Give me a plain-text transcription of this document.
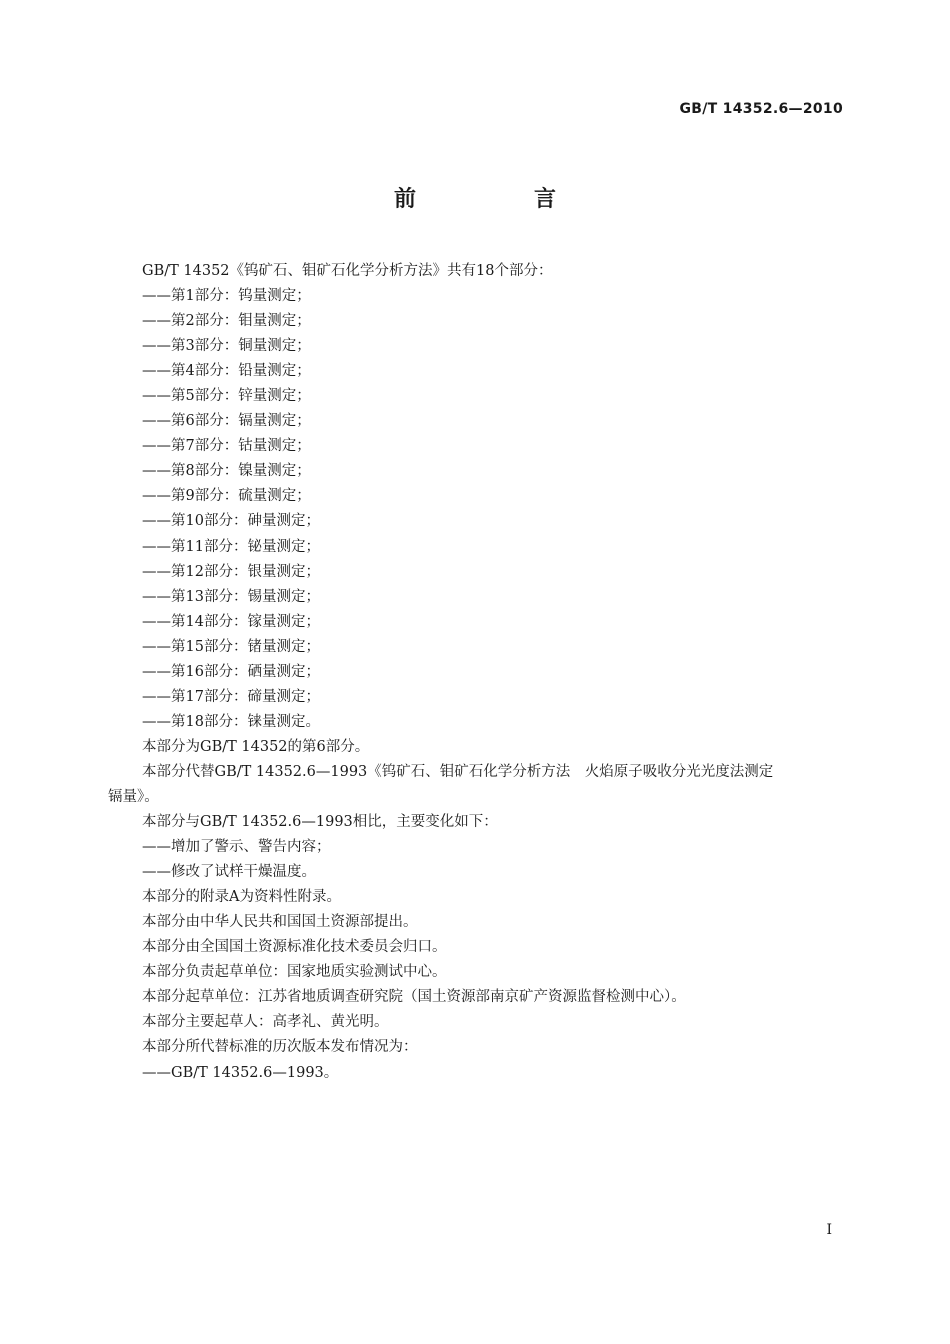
GB/T 14352.6—2010
前　言
GB/T 14352《钨矿石、钼矿石化学分析方法》共有18个部分：
——第1部分：钨量测定；
——第2部分：钼量测定；
——第3部分：铜量测定；
——第4部分：铅量测定；
——第5部分：锌量测定；
——第6部分：镉量测定；
——第7部分：钴量测定；
——第8部分：镍量测定；
——第9部分：硫量测定；
——第10部分：砷量测定；
——第11部分：铋量测定；
——第12部分：银量测定；
——第13部分：锡量测定；
——第14部分：镓量测定；
——第15部分：锗量测定；
——第16部分：硒量测定；
——第17部分：碲量测定；
——第18部分：铼量测定。
本部分为GB/T 14352的第6部分。
本部分代替GB/T 14352.6—1993《钨矿石、钼矿石化学分析方法　火焰原子吸收分光光度法测定
镉量》。
本部分与GB/T 14352.6—1993相比，主要变化如下：
——增加了警示、警告内容；
——修改了试样干燥温度。
本部分的附录A为资料性附录。
本部分由中华人民共和国国土资源部提出。
本部分由全国国土资源标准化技术委员会归口。
本部分负责起草单位：国家地质实验测试中心。
本部分起草单位：江苏省地质调查研究院（国土资源部南京矿产资源监督检测中心）。
本部分主要起草人：高孝礼、黄光明。
本部分所代替标准的历次版本发布情况为：
——GB/T 14352.6—1993。
I
